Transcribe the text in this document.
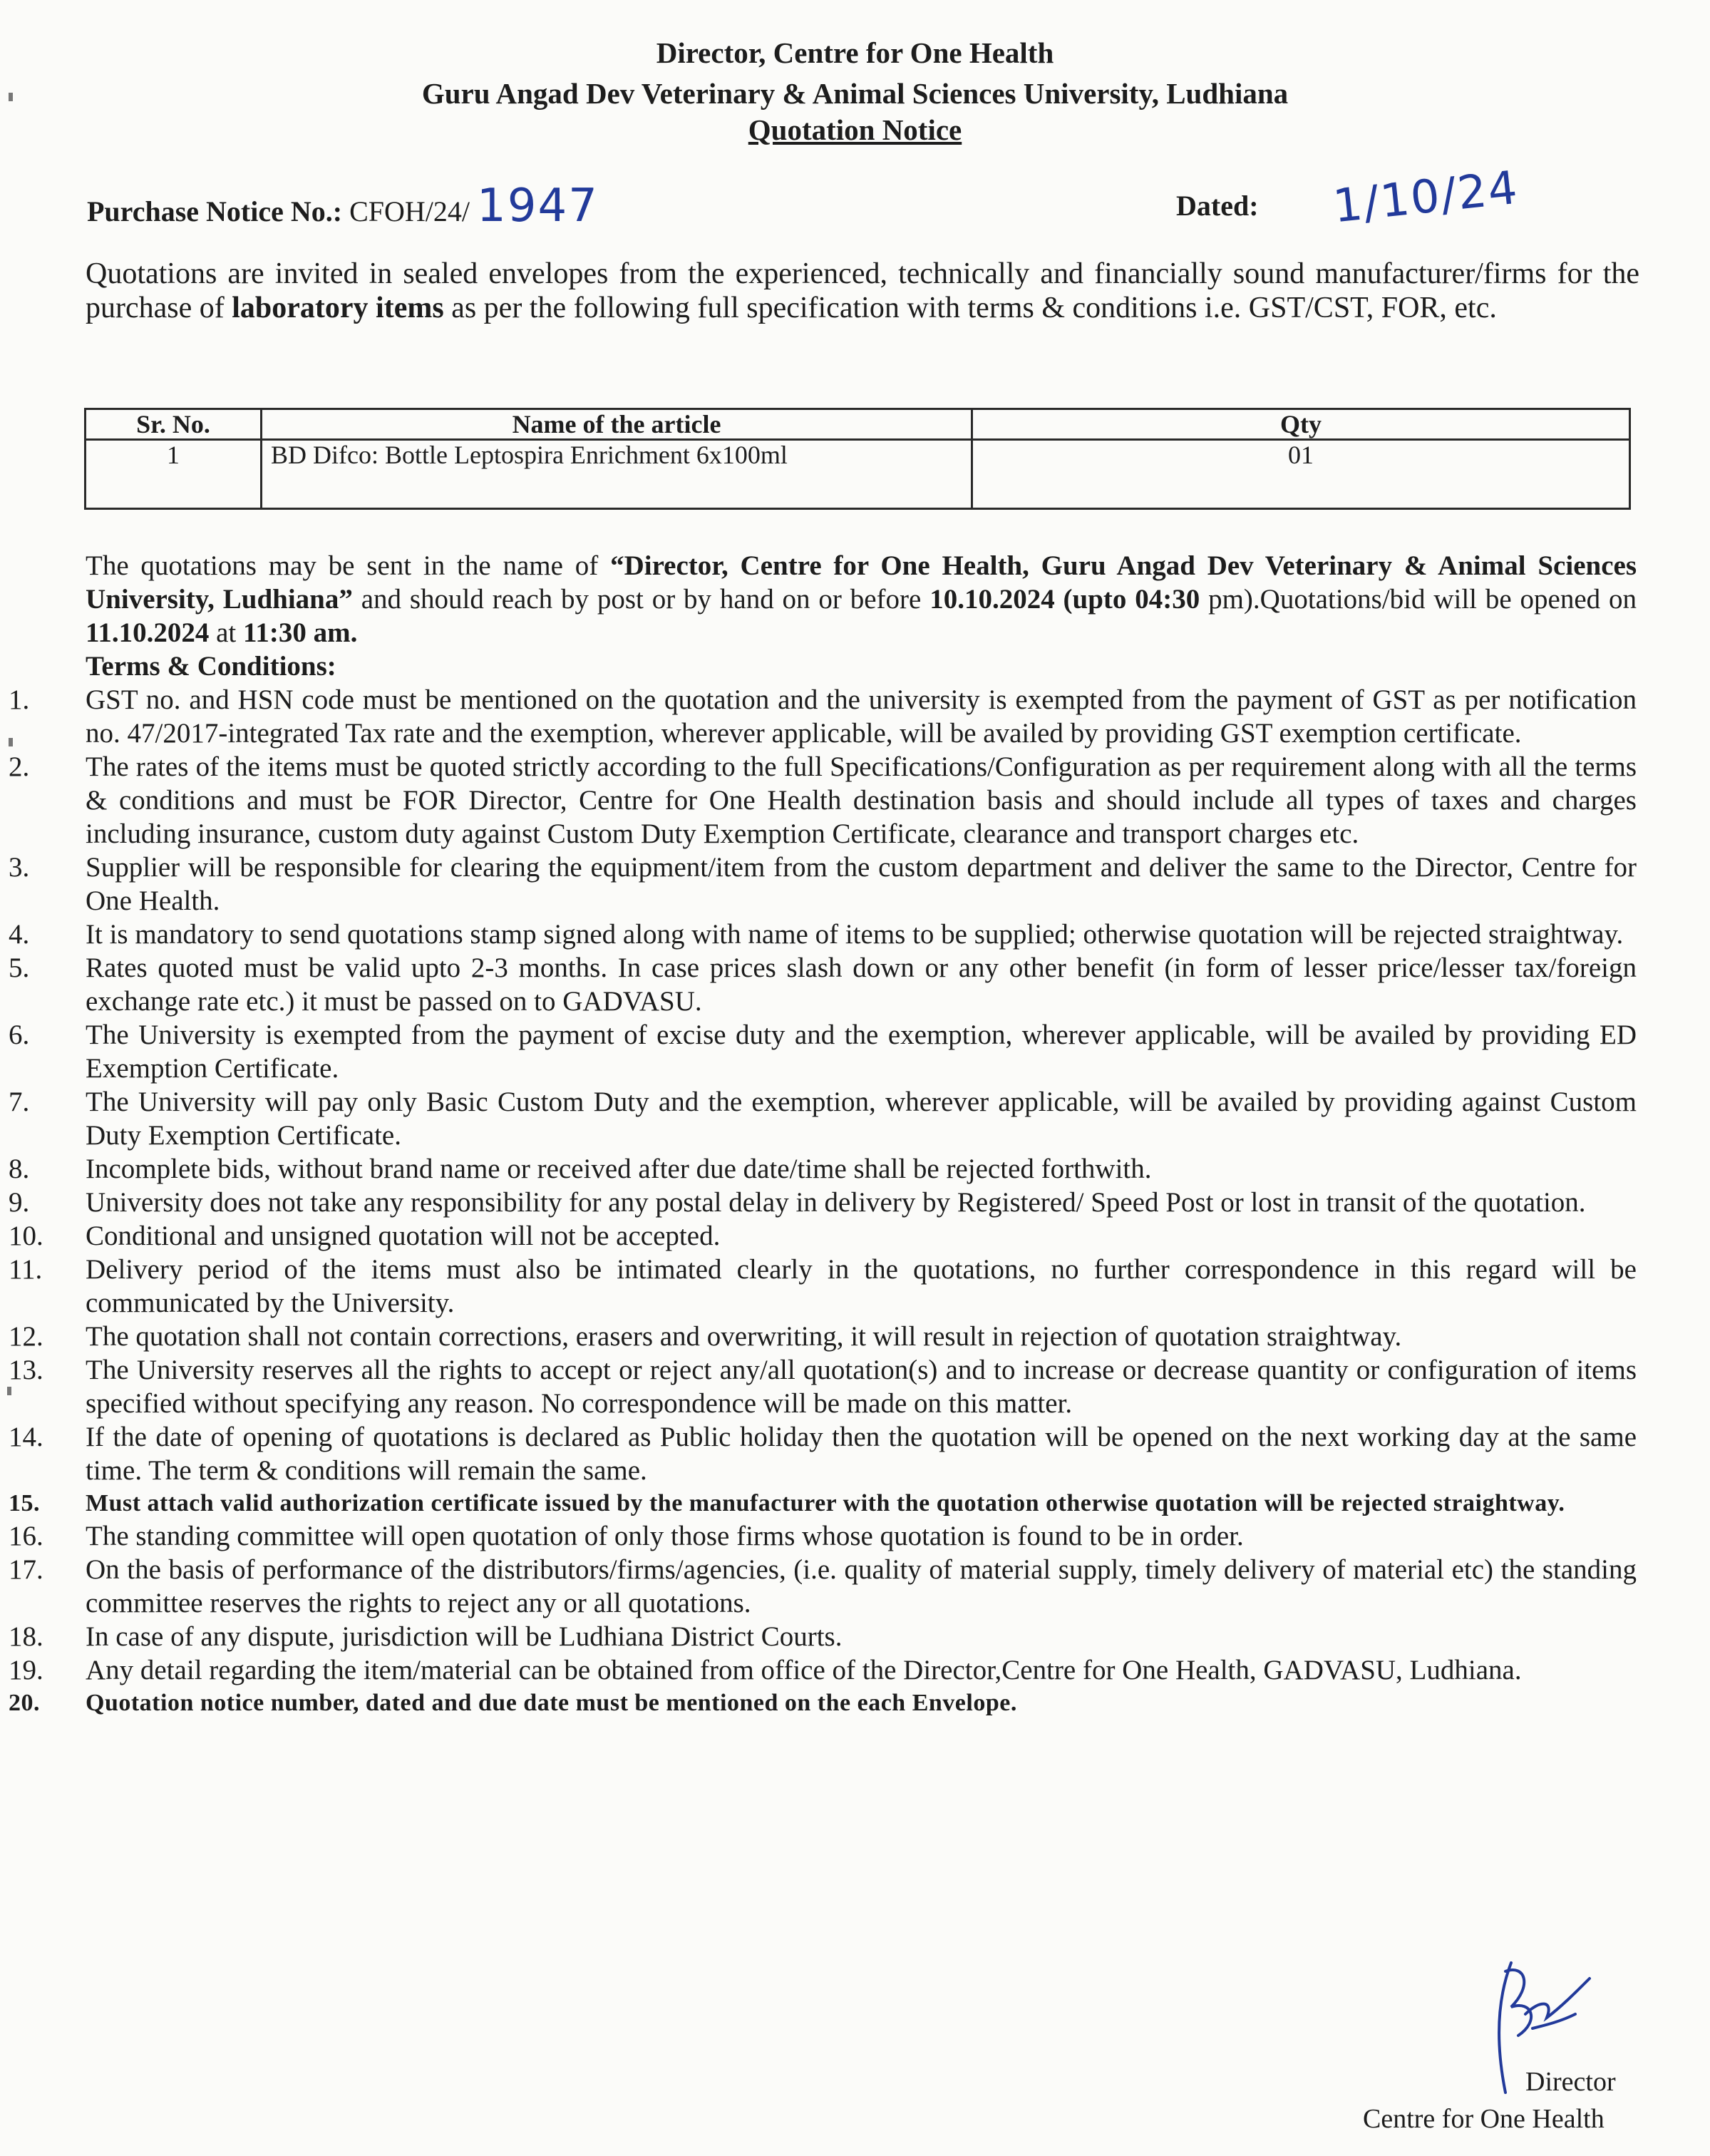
Director, Centre for One Health
Guru Angad Dev Veterinary & Animal Sciences University, Ludhiana
Quotation Notice
Purchase Notice No.: CFOH/24/ 1947	Dated: 1/10/24
Quotations are invited in sealed envelopes from the experienced, technically and financially sound manufacturer/firms for the purchase of laboratory items as per the following full specification with terms & conditions i.e. GST/CST, FOR, etc.
Sr. No.	Name of the article	Qty
1	BD Difco: Bottle Leptospira Enrichment 6x100ml	01
The quotations may be sent in the name of “Director, Centre for One Health, Guru Angad Dev Veterinary & Animal Sciences University, Ludhiana” and should reach by post or by hand on or before 10.10.2024 (upto 04:30 pm).Quotations/bid will be opened on 11.10.2024 at 11:30 am.
Terms & Conditions:
1.	GST no. and HSN code must be mentioned on the quotation and the university is exempted from the payment of GST as per notification no. 47/2017-integrated Tax rate and the exemption, wherever applicable, will be availed by providing GST exemption certificate.
2.	The rates of the items must be quoted strictly according to the full Specifications/Configuration as per requirement along with all the terms & conditions and must be FOR Director, Centre for One Health destination basis and should include all types of taxes and charges including insurance, custom duty against Custom Duty Exemption Certificate, clearance and transport charges etc.
3.	Supplier will be responsible for clearing the equipment/item from the custom department and deliver the same to the Director, Centre for One Health.
4.	It is mandatory to send quotations stamp signed along with name of items to be supplied; otherwise quotation will be rejected straightway.
5.	Rates quoted must be valid upto 2-3 months. In case prices slash down or any other benefit (in form of lesser price/lesser tax/foreign exchange rate etc.) it must be passed on to GADVASU.
6.	The University is exempted from the payment of excise duty and the exemption, wherever applicable, will be availed by providing ED Exemption Certificate.
7.	The University will pay only Basic Custom Duty and the exemption, wherever applicable, will be availed by providing against Custom Duty Exemption Certificate.
8.	Incomplete bids, without brand name or received after due date/time shall be rejected forthwith.
9.	University does not take any responsibility for any postal delay in delivery by Registered/ Speed Post or lost in transit of the quotation.
10.	Conditional and unsigned quotation will not be accepted.
11.	Delivery period of the items must also be intimated clearly in the quotations, no further correspondence in this regard will be communicated by the University.
12.	The quotation shall not contain corrections, erasers and overwriting, it will result in rejection of quotation straightway.
13.	The University reserves all the rights to accept or reject any/all quotation(s) and to increase or decrease quantity or configuration of items specified without specifying any reason. No correspondence will be made on this matter.
14.	If the date of opening of quotations is declared as Public holiday then the quotation will be opened on the next working day at the same time. The term & conditions will remain the same.
15.	Must attach valid authorization certificate issued by the manufacturer with the quotation otherwise quotation will be rejected straightway.
16.	The standing committee will open quotation of only those firms whose quotation is found to be in order.
17.	On the basis of performance of the distributors/firms/agencies, (i.e. quality of material supply, timely delivery of material etc) the standing committee reserves the rights to reject any or all quotations.
18.	In case of any dispute, jurisdiction will be Ludhiana District Courts.
19.	Any detail regarding the item/material can be obtained from office of the Director,Centre for One Health, GADVASU, Ludhiana.
20.	Quotation notice number, dated and due date must be mentioned on the each Envelope.
Director
Centre for One Health
